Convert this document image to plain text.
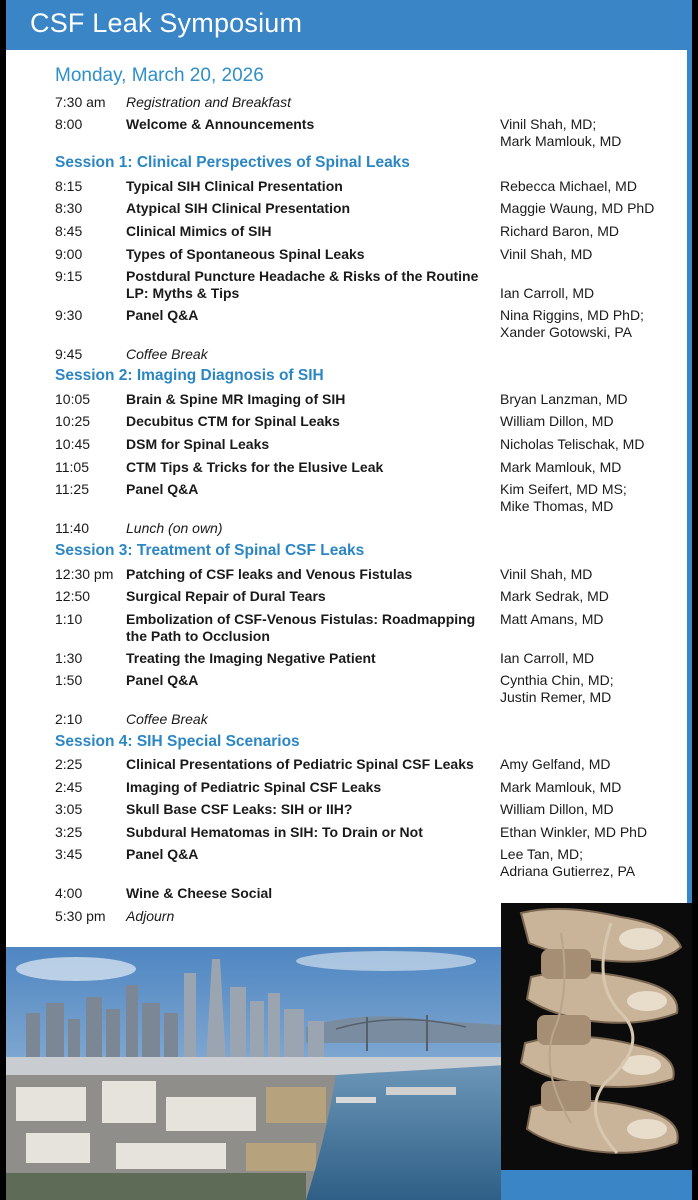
CSF Leak Symposium
Monday, March 20, 2026
7:30 am Registration and Breakfast
8:00	Welcome & Announcements	Vinil Shah, MD;
Mark Mamlouk, MD
Session 1: Clinical Perspectives of Spinal Leaks
8:15	Typical SIH Clinical Presentation	Rebecca Michael, MD
8:30	Atypical SIH Clinical Presentation	Maggie Waung, MD PhD
8:45	Clinical Mimics of SIH	Richard Baron, MD
9:00	Types of Spontaneous Spinal Leaks	Vinil Shah, MD
9:15	Postdural Puncture Headache & Risks of the Routine LP: Myths & Tips	Ian Carroll, MD
9:30	Panel Q&A	Nina Riggins, MD PhD;
Xander Gotowski, PA
9:45	Coffee Break
Session 2: Imaging Diagnosis of SIH
10:05	Brain & Spine MR Imaging of SIH	Bryan Lanzman, MD
10:25	Decubitus CTM for Spinal Leaks	William Dillon, MD
10:45	DSM for Spinal Leaks	Nicholas Telischak, MD
11:05	CTM Tips & Tricks for the Elusive Leak	Mark Mamlouk, MD
11:25	Panel Q&A	Kim Seifert, MD MS;
Mike Thomas, MD
11:40	Lunch (on own)
Session 3: Treatment of Spinal CSF Leaks
12:30 pm Patching of CSF leaks and Venous Fistulas	Vinil Shah, MD
12:50	Surgical Repair of Dural Tears	Mark Sedrak, MD
1:10	Embolization of CSF-Venous Fistulas: Roadmapping the Path to Occlusion
Matt Amans, MD
1:30	Treating the Imaging Negative Patient	Ian Carroll, MD
1:50	Panel Q&A	Cynthia Chin, MD;
Justin Remer, MD
2:10	Coffee Break
Session 4: SIH Special Scenarios
2:25	Clinical Presentations of Pediatric Spinal CSF Leaks	Amy Gelfand, MD
2:45	Imaging of Pediatric Spinal CSF Leaks	Mark Mamlouk, MD
3:05	Skull Base CSF Leaks: SIH or IIH?	William Dillon, MD
3:25	Subdural Hematomas in SIH: To Drain or Not	Ethan Winkler, MD PhD
3:45	Panel Q&A	Lee Tan, MD;
Adriana Gutierrez, PA
4:00	Wine & Cheese Social
5:30 pm Adjourn
